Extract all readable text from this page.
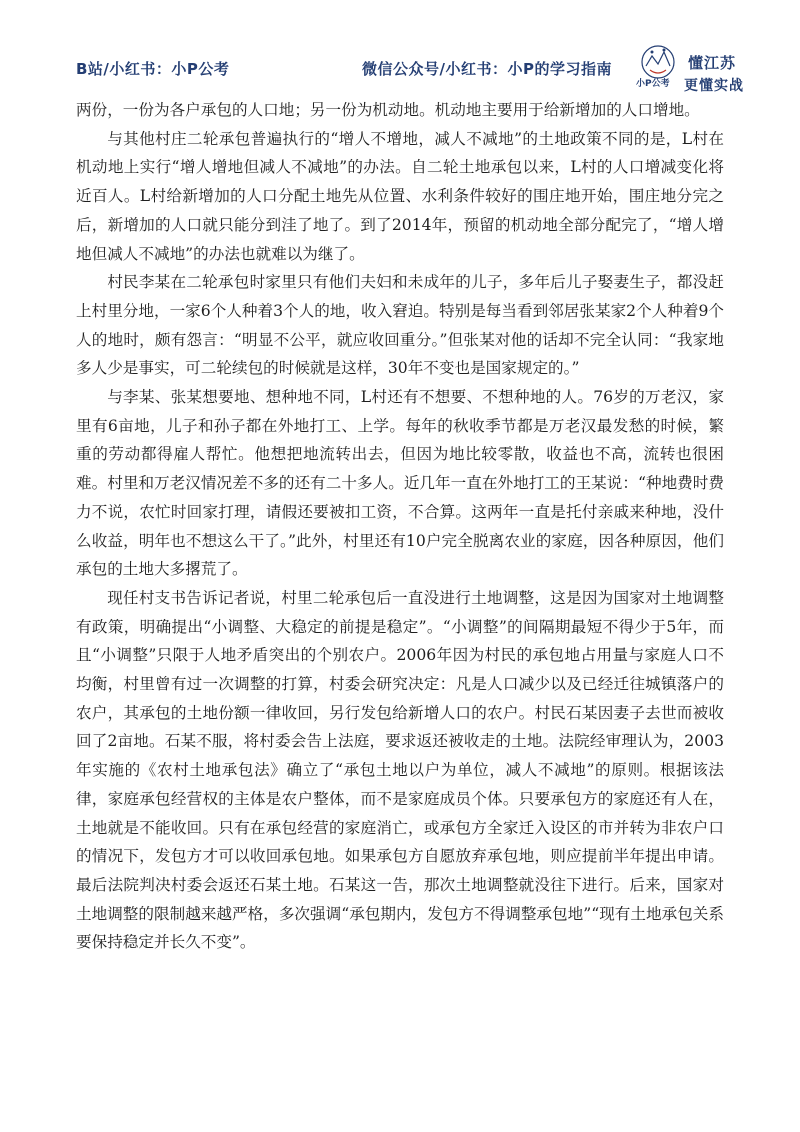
B站/小红书：小P公考	微信公众号/小红书：小P的学习指南
小P公考
懂江苏
更懂实战

两份，一份为各户承包的人口地；另一份为机动地。机动地主要用于给新增加的人口增地。

与其他村庄二轮承包普遍执行的“增人不增地，减人不减地”的土地政策不同的是，L村在机动地上实行“增人增地但减人不减地”的办法。自二轮土地承包以来，L村的人口增减变化将近百人。L村给新增加的人口分配土地先从位置、水利条件较好的围庄地开始，围庄地分完之后，新增加的人口就只能分到洼了地了。到了2014年，预留的机动地全部分配完了，“增人增地但减人不减地”的办法也就难以为继了。

村民李某在二轮承包时家里只有他们夫妇和未成年的儿子，多年后儿子娶妻生子，都没赶上村里分地，一家6个人种着3个人的地，收入窘迫。特别是每当看到邻居张某家2个人种着9个人的地时，颇有怨言：“明显不公平，就应收回重分。”但张某对他的话却不完全认同：“我家地多人少是事实，可二轮续包的时候就是这样，30年不变也是国家规定的。”

与李某、张某想要地、想种地不同，L村还有不想要、不想种地的人。76岁的万老汉，家里有6亩地，儿子和孙子都在外地打工、上学。每年的秋收季节都是万老汉最发愁的时候，繁重的劳动都得雇人帮忙。他想把地流转出去，但因为地比较零散，收益也不高，流转也很困难。村里和万老汉情况差不多的还有二十多人。近几年一直在外地打工的王某说：“种地费时费力不说，农忙时回家打理，请假还要被扣工资，不合算。这两年一直是托付亲戚来种地，没什么收益，明年也不想这么干了。”此外，村里还有10户完全脱离农业的家庭，因各种原因，他们承包的土地大多撂荒了。

现任村支书告诉记者说，村里二轮承包后一直没进行土地调整，这是因为国家对土地调整有政策，明确提出“小调整、大稳定的前提是稳定”。“小调整”的间隔期最短不得少于5年，而且“小调整”只限于人地矛盾突出的个别农户。2006年因为村民的承包地占用量与家庭人口不均衡，村里曾有过一次调整的打算，村委会研究决定：凡是人口减少以及已经迁往城镇落户的农户，其承包的土地份额一律收回，另行发包给新增人口的农户。村民石某因妻子去世而被收回了2亩地。石某不服，将村委会告上法庭，要求返还被收走的土地。法院经审理认为，2003年实施的《农村土地承包法》确立了“承包土地以户为单位，减人不减地”的原则。根据该法律，家庭承包经营权的主体是农户整体，而不是家庭成员个体。只要承包方的家庭还有人在，土地就是不能收回。只有在承包经营的家庭消亡，或承包方全家迁入设区的市并转为非农户口的情况下，发包方才可以收回承包地。如果承包方自愿放弃承包地，则应提前半年提出申请。最后法院判决村委会返还石某土地。石某这一告，那次土地调整就没往下进行。后来，国家对土地调整的限制越来越严格，多次强调“承包期内，发包方不得调整承包地”“现有土地承包关系要保持稳定并长久不变”。
